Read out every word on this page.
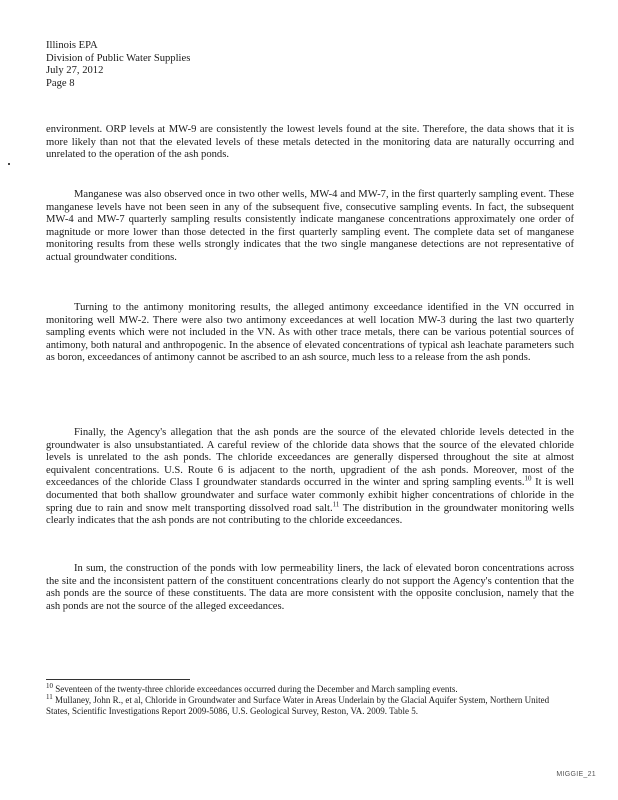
Illinois EPA
Division of Public Water Supplies
July 27, 2012
Page 8

environment. ORP levels at MW-9 are consistently the lowest levels found at the site. Therefore, the data shows that it is more likely than not that the elevated levels of these metals detected in the monitoring data are naturally occurring and unrelated to the operation of the ash ponds.

Manganese was also observed once in two other wells, MW-4 and MW-7, in the first quarterly sampling event. These manganese levels have not been seen in any of the subsequent five, consecutive sampling events. In fact, the subsequent MW-4 and MW-7 quarterly sampling results consistently indicate manganese concentrations approximately one order of magnitude or more lower than those detected in the first quarterly sampling event. The complete data set of manganese monitoring results from these wells strongly indicates that the two single manganese detections are not representative of actual groundwater conditions.

Turning to the antimony monitoring results, the alleged antimony exceedance identified in the VN occurred in monitoring well MW-2. There were also two antimony exceedances at well location MW-3 during the last two quarterly sampling events which were not included in the VN. As with other trace metals, there can be various potential sources of antimony, both natural and anthropogenic. In the absence of elevated concentrations of typical ash leachate parameters such as boron, exceedances of antimony cannot be ascribed to an ash source, much less to a release from the ash ponds.

Finally, the Agency's allegation that the ash ponds are the source of the elevated chloride levels detected in the groundwater is also unsubstantiated. A careful review of the chloride data shows that the source of the elevated chloride levels is unrelated to the ash ponds. The chloride exceedances are generally dispersed throughout the site at almost equivalent concentrations. U.S. Route 6 is adjacent to the north, upgradient of the ash ponds. Moreover, most of the exceedances of the chloride Class I groundwater standards occurred in the winter and spring sampling events.$^{10}$ It is well documented that both shallow groundwater and surface water commonly exhibit higher concentrations of chloride in the spring due to rain and snow melt transporting dissolved road salt.$^{11}$ The distribution in the groundwater monitoring wells clearly indicates that the ash ponds are not contributing to the chloride exceedances.

In sum, the construction of the ponds with low permeability liners, the lack of elevated boron concentrations across the site and the inconsistent pattern of the constituent concentrations clearly do not support the Agency's contention that the ash ponds are the source of these constituents. The data are more consistent with the opposite conclusion, namely that the ash ponds are not the source of the alleged exceedances.

$^{10}$ Seventeen of the twenty-three chloride exceedances occurred during the December and March sampling events.

$^{11}$ Mullaney, John R., et al, Chloride in Groundwater and Surface Water in Areas Underlain by the Glacial Aquifer System, Northern United States, Scientific Investigations Report 2009-5086, U.S. Geological Survey, Reston, VA. 2009. Table 5.

MIGGIE_21
